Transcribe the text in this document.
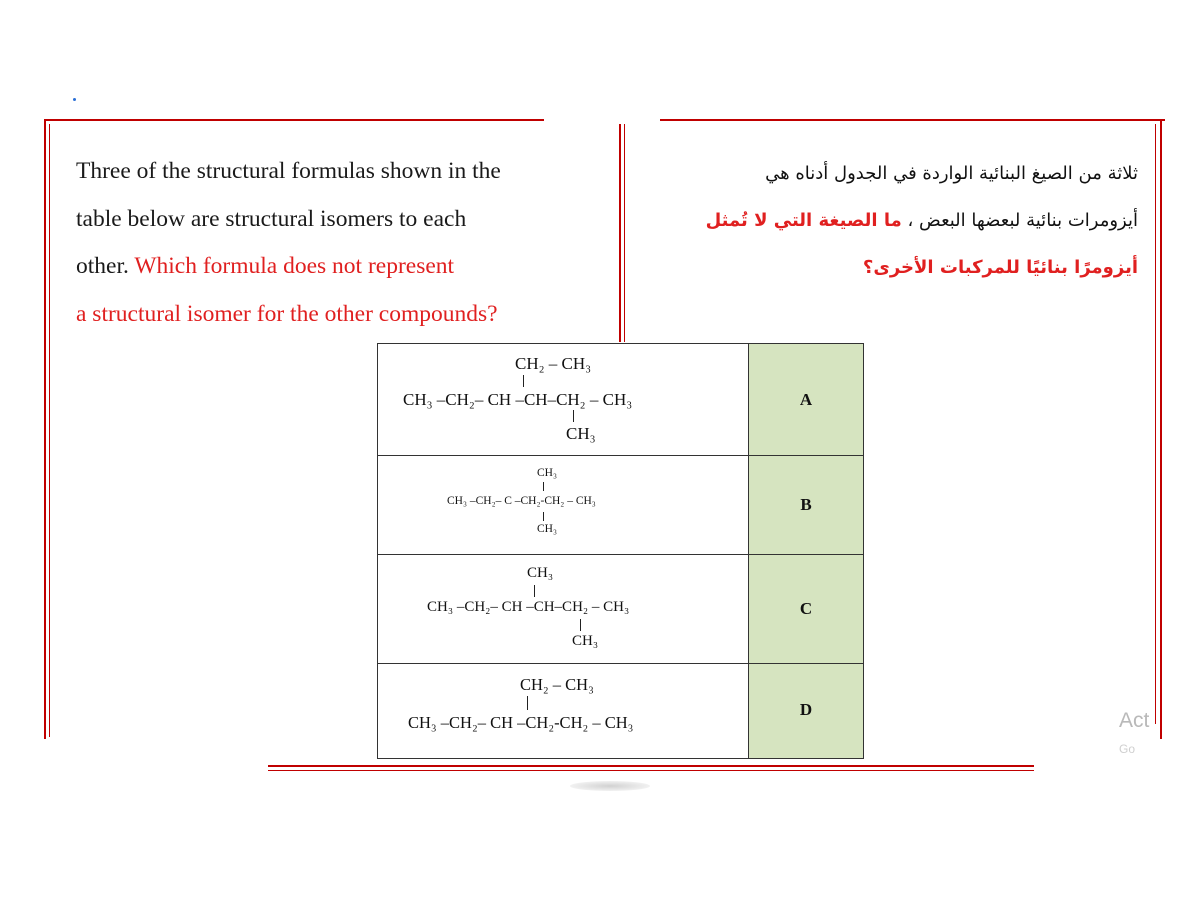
Three of the structural formulas shown in the
table below are structural isomers to each
other. Which formula does not represent
a structural isomer for the other compounds?
ثلاثة من الصيغ البنائية الواردة في الجدول أدناه هي
أيزومرات بنائية لبعضها البعض ، ما الصيغة التي لا تُمثل
أيزومرًا بنائيًا للمركبات الأخرى؟
CH₂ – CH₃
CH₃ –CH₂– CH –CH–CH₂ – CH₃
CH₃	A

CH₃
CH₃ –CH₂– C –CH₂-CH₂ – CH₃
CH₃	B

CH₃
CH₃ –CH₂– CH –CH–CH₂ – CH₃
CH₃	C

CH₂ – CH₃
CH₃ –CH₂– CH –CH₂-CH₂ – CH₃	D	Act
Go
